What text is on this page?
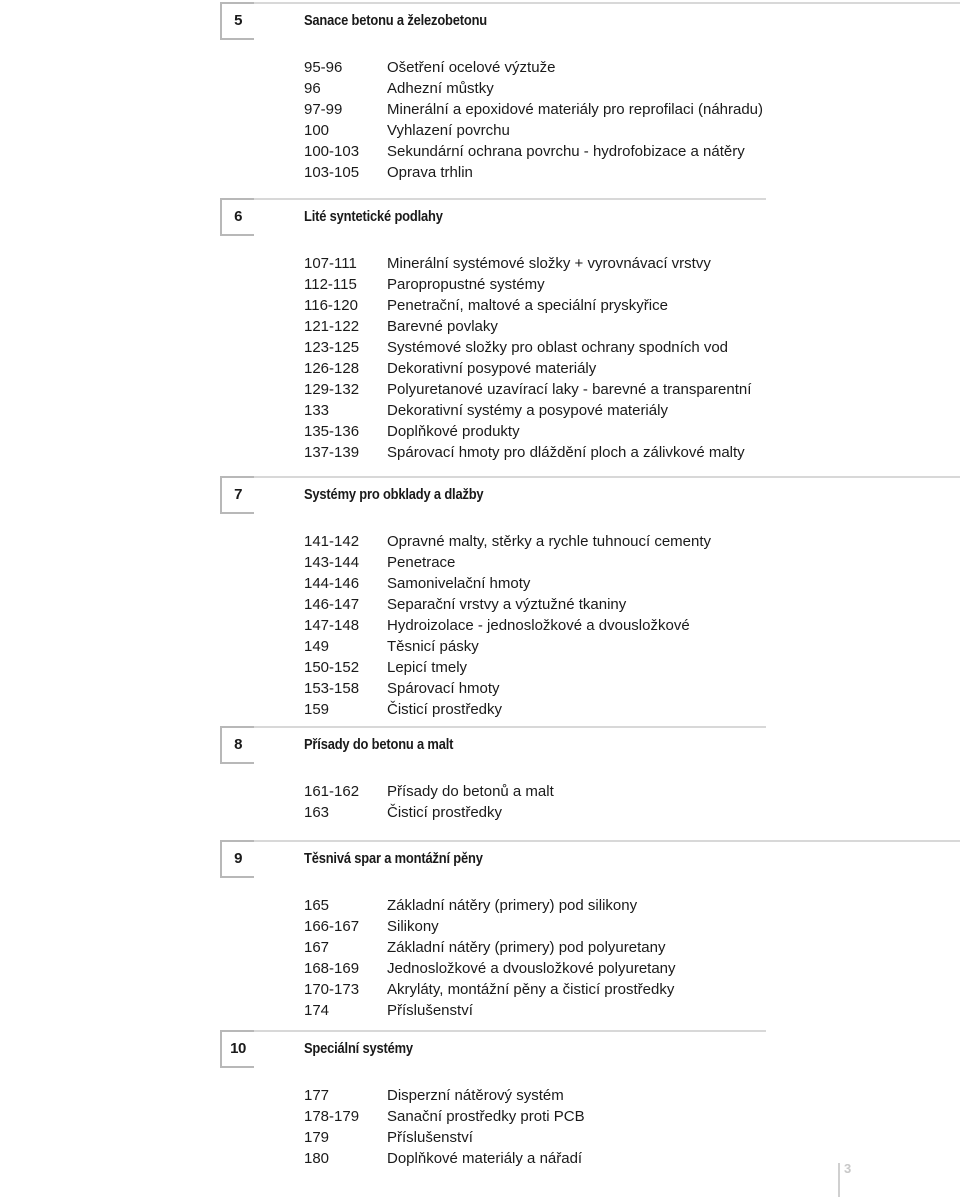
5	Sanace betonu a železobetonu
95-96	Ošetření ocelové výztuže
96	Adhezní můstky
97-99	Minerální a epoxidové materiály pro reprofilaci (náhradu)
100	Vyhlazení povrchu
100-103 Sekundární ochrana povrchu - hydrofobizace a nátěry
103-105 Oprava trhlin
6	Lité syntetické podlahy
107-111 Minerální systémové složky + vyrovnávací vrstvy
112-115 Paropropustné systémy
116-120 Penetrační, maltové a speciální pryskyřice
121-122 Barevné povlaky
123-125 Systémové složky pro oblast ochrany spodních vod
126-128 Dekorativní posypové materiály
129-132 Polyuretanové uzavírací laky - barevné a transparentní
133	Dekorativní systémy a posypové materiály
135-136 Doplňkové produkty
137-139 Spárovací hmoty pro dláždění ploch a zálivkové malty
7	Systémy pro obklady a dlažby
141-142 Opravné malty, stěrky a rychle tuhnoucí cementy
143-144 Penetrace
144-146 Samonivelační hmoty
146-147 Separační vrstvy a výztužné tkaniny
147-148 Hydroizolace - jednosložkové a dvousložkové
149	Těsnicí pásky
150-152 Lepicí tmely
153-158 Spárovací hmoty
159	Čisticí prostředky
8	Přísady do betonu a malt
161-162 Přísady do betonů a malt
163	Čisticí prostředky
9	Těsnivá spar a montážní pěny
165	Základní nátěry (primery) pod silikony
166-167 Silikony
167	Základní nátěry (primery) pod polyuretany
168-169 Jednosložkové a dvousložkové polyuretany
170-173 Akryláty, montážní pěny a čisticí prostředky
174	Příslušenství
10	Speciální systémy
177	Disperzní nátěrový systém
178-179 Sanační prostředky proti PCB
179	Příslušenství
180	Doplňkové materiály a nářadí
3
